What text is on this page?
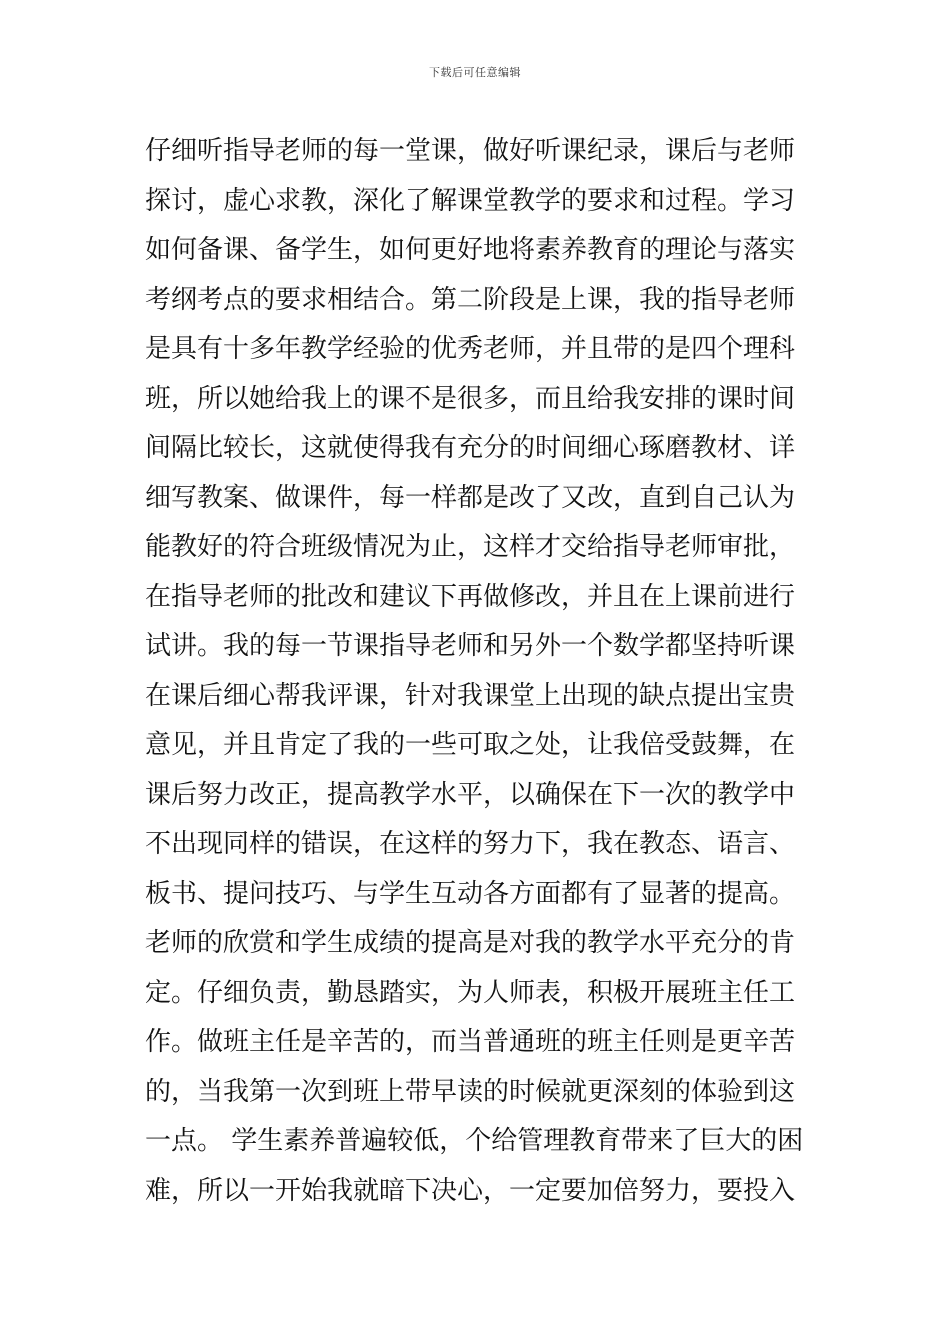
下载后可任意编辑
仔细听指导老师的每一堂课，做好听课纪录，课后与老师
探讨，虚心求教，深化了解课堂教学的要求和过程。学习
如何备课、备学生，如何更好地将素养教育的理论与落实
考纲考点的要求相结合。第二阶段是上课，我的指导老师
是具有十多年教学经验的优秀老师，并且带的是四个理科
班，所以她给我上的课不是很多，而且给我安排的课时间
间隔比较长，这就使得我有充分的时间细心琢磨教材、详
细写教案、做课件，每一样都是改了又改，直到自己认为
能教好的符合班级情况为止，这样才交给指导老师审批，
在指导老师的批改和建议下再做修改，并且在上课前进行
试讲。我的每一节课指导老师和另外一个数学都坚持听课
在课后细心帮我评课，针对我课堂上出现的缺点提出宝贵
意见，并且肯定了我的一些可取之处，让我倍受鼓舞，在
课后努力改正，提高教学水平，以确保在下一次的教学中
不出现同样的错误，在这样的努力下，我在教态、语言、
板书、提问技巧、与学生互动各方面都有了显著的提高。
老师的欣赏和学生成绩的提高是对我的教学水平充分的肯
定。仔细负责，勤恳踏实，为人师表，积极开展班主任工
作。做班主任是辛苦的，而当普通班的班主任则是更辛苦
的，当我第一次到班上带早读的时候就更深刻的体验到这
一点。 学生素养普遍较低，个给管理教育带来了巨大的困
难，所以一开始我就暗下决心，一定要加倍努力，要投入
